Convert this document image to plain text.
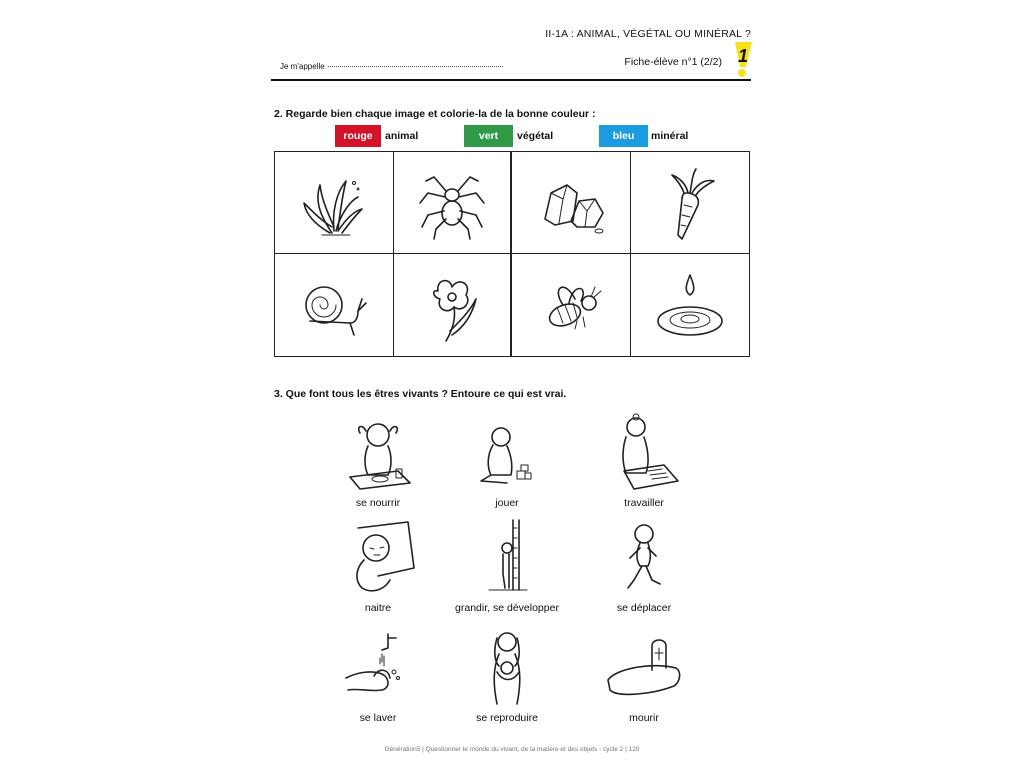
II-1A : ANIMAL, VÉGÉTAL OU MINÉRAL ?
Je m'appelle	Fiche-élève n°1 (2/2) 1
2. Regarde bien chaque image et colorie-la de la bonne couleur :
rouge	animal	vert	végétal	bleu	minéral
3. Que font tous les êtres vivants ? Entoure ce qui est vrai.
se nourrir	jouer	travailler
naitre	grandir, se développer	se déplacer
se laver	se reproduire	mourir
Génération5 | Questionner le monde du vivant, de la matière et des objets - cycle 2 | 120
